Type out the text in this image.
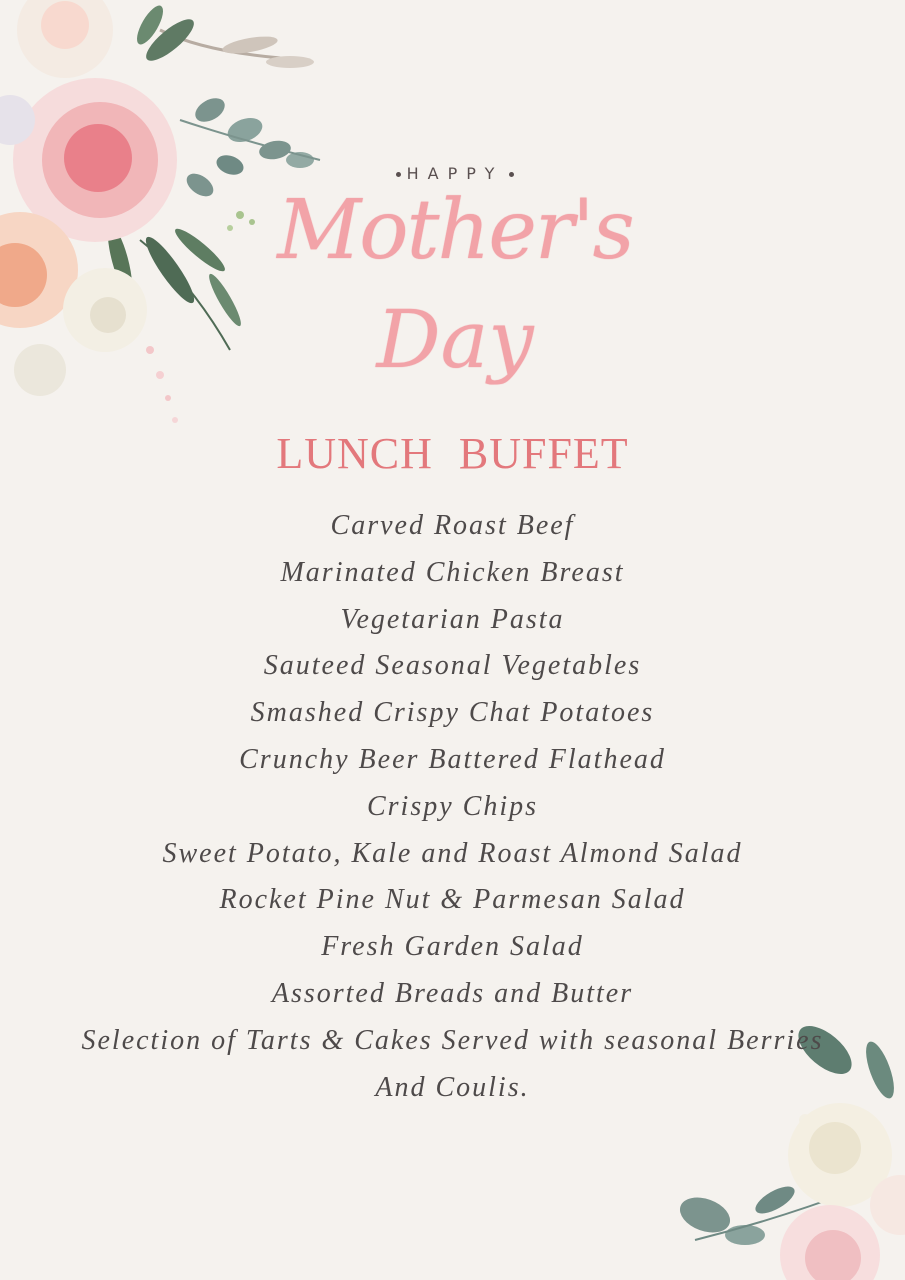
HAPPY
Mother's
Day
LUNCH BUFFET
Carved Roast Beef
Marinated Chicken Breast
Vegetarian Pasta
Sauteed Seasonal Vegetables
Smashed Crispy Chat Potatoes
Crunchy Beer Battered Flathead
Crispy Chips
Sweet Potato, Kale and Roast Almond Salad
Rocket Pine Nut & Parmesan Salad
Fresh Garden Salad
Assorted Breads and Butter
Selection of Tarts & Cakes Served with seasonal Berries
And Coulis.
